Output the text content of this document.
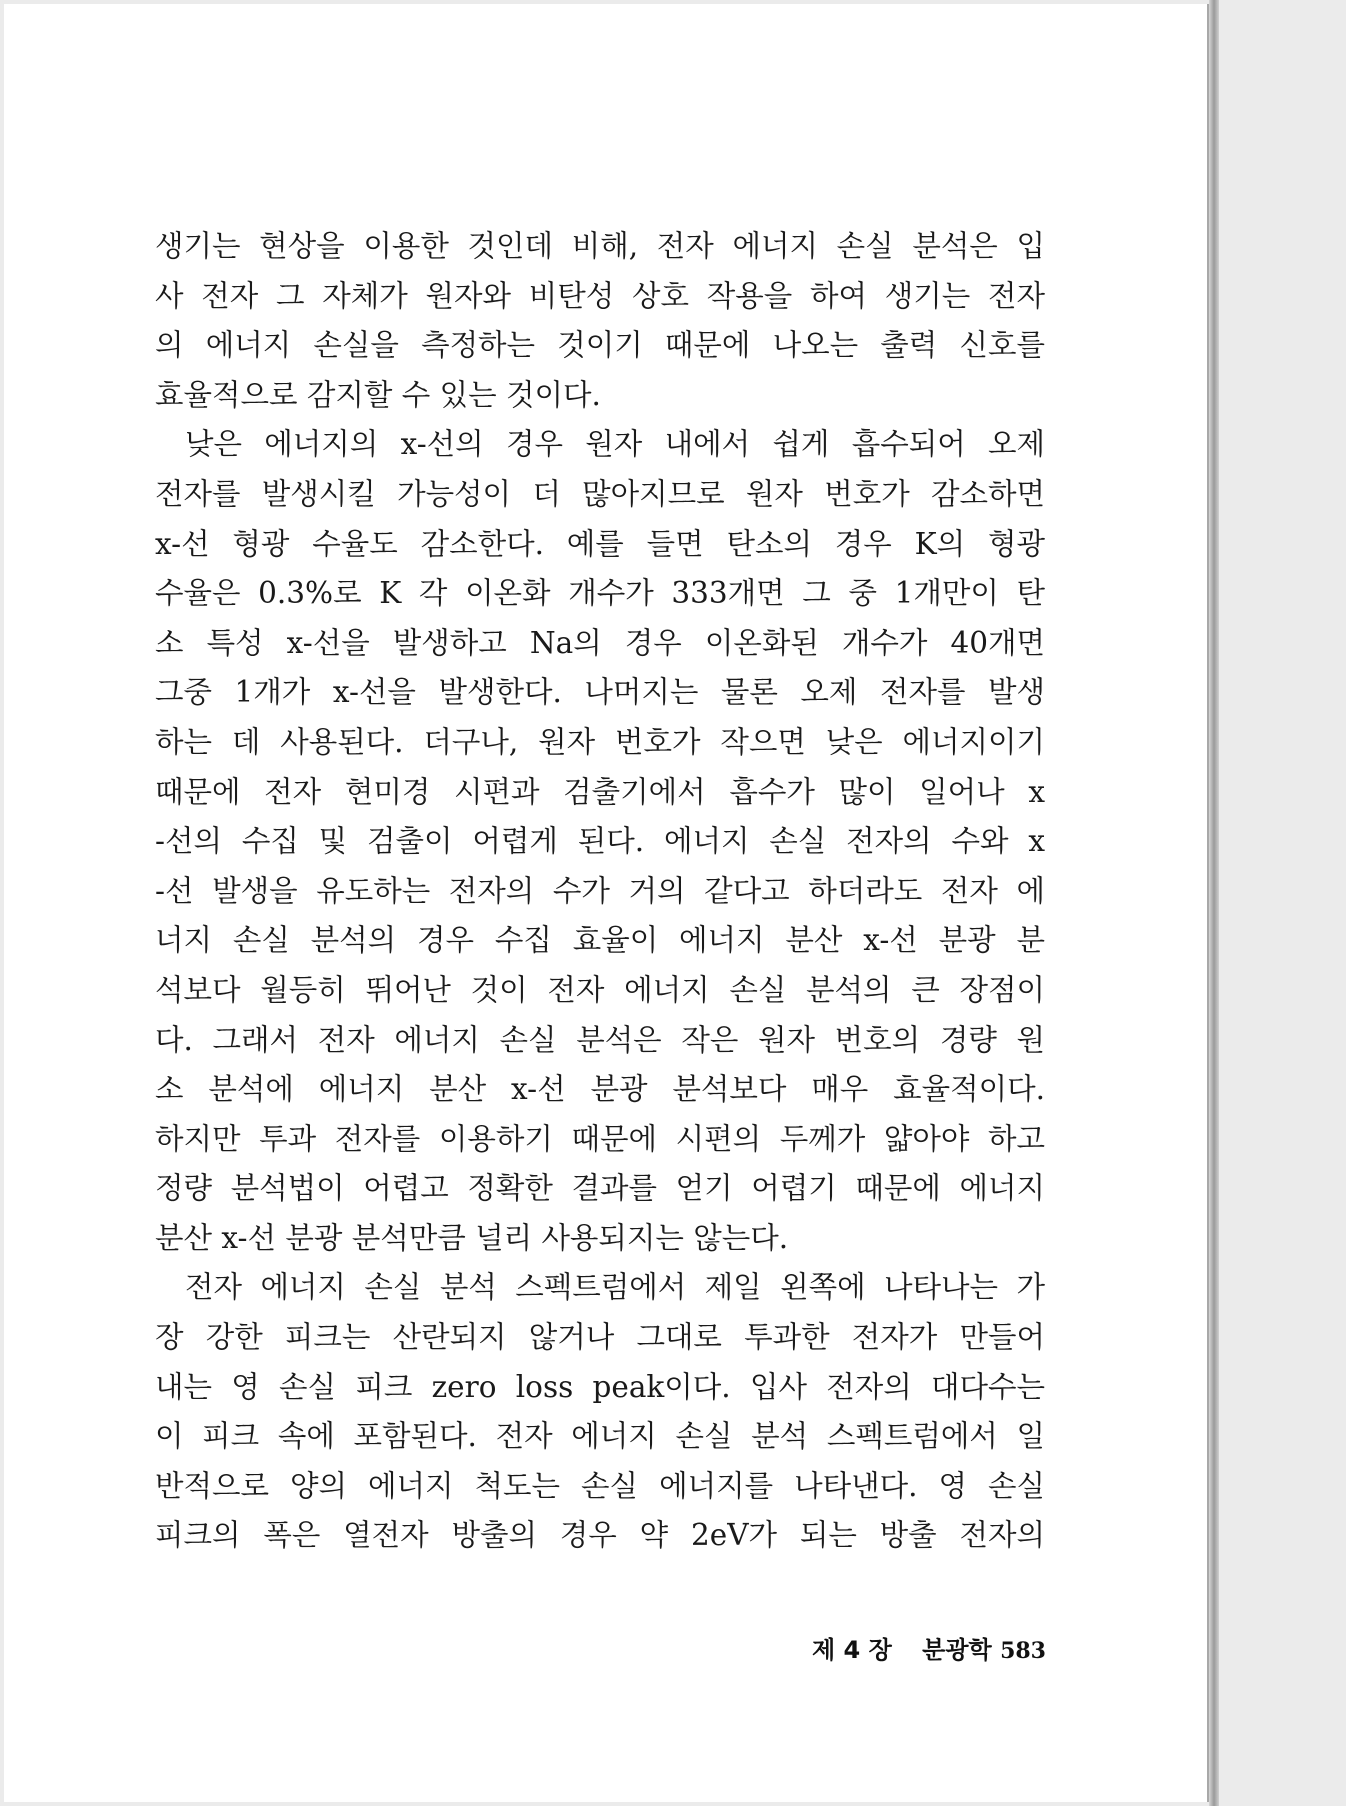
생기는 현상을 이용한 것인데 비해, 전자 에너지 손실 분석은 입
사 전자 그 자체가 원자와 비탄성 상호 작용을 하여 생기는 전자
의 에너지 손실을 측정하는 것이기 때문에 나오는 출력 신호를
효율적으로 감지할 수 있는 것이다.
낮은 에너지의 x-선의 경우 원자 내에서 쉽게 흡수되어 오제
전자를 발생시킬 가능성이 더 많아지므로 원자 번호가 감소하면
x-선 형광 수율도 감소한다. 예를 들면 탄소의 경우 K의 형광
수율은 0.3%로 K 각 이온화 개수가 333개면 그 중 1개만이 탄
소 특성 x-선을 발생하고 Na의 경우 이온화된 개수가 40개면
그중 1개가 x-선을 발생한다. 나머지는 물론 오제 전자를 발생
하는 데 사용된다. 더구나, 원자 번호가 작으면 낮은 에너지이기
때문에 전자 현미경 시편과 검출기에서 흡수가 많이 일어나 x
-선의 수집 및 검출이 어렵게 된다. 에너지 손실 전자의 수와 x
-선 발생을 유도하는 전자의 수가 거의 같다고 하더라도 전자 에
너지 손실 분석의 경우 수집 효율이 에너지 분산 x-선 분광 분
석보다 월등히 뛰어난 것이 전자 에너지 손실 분석의 큰 장점이
다. 그래서 전자 에너지 손실 분석은 작은 원자 번호의 경량 원
소 분석에 에너지 분산 x-선 분광 분석보다 매우 효율적이다.
하지만 투과 전자를 이용하기 때문에 시편의 두께가 얇아야 하고
정량 분석법이 어렵고 정확한 결과를 얻기 어렵기 때문에 에너지
분산 x-선 분광 분석만큼 널리 사용되지는 않는다.
전자 에너지 손실 분석 스펙트럼에서 제일 왼쪽에 나타나는 가
장 강한 피크는 산란되지 않거나 그대로 투과한 전자가 만들어
내는 영 손실 피크 zero loss peak이다. 입사 전자의 대다수는
이 피크 속에 포함된다. 전자 에너지 손실 분석 스펙트럼에서 일
반적으로 양의 에너지 척도는 손실 에너지를 나타낸다. 영 손실
피크의 폭은 열전자 방출의 경우 약 2eV가 되는 방출 전자의
제 4 장 분광학 583
